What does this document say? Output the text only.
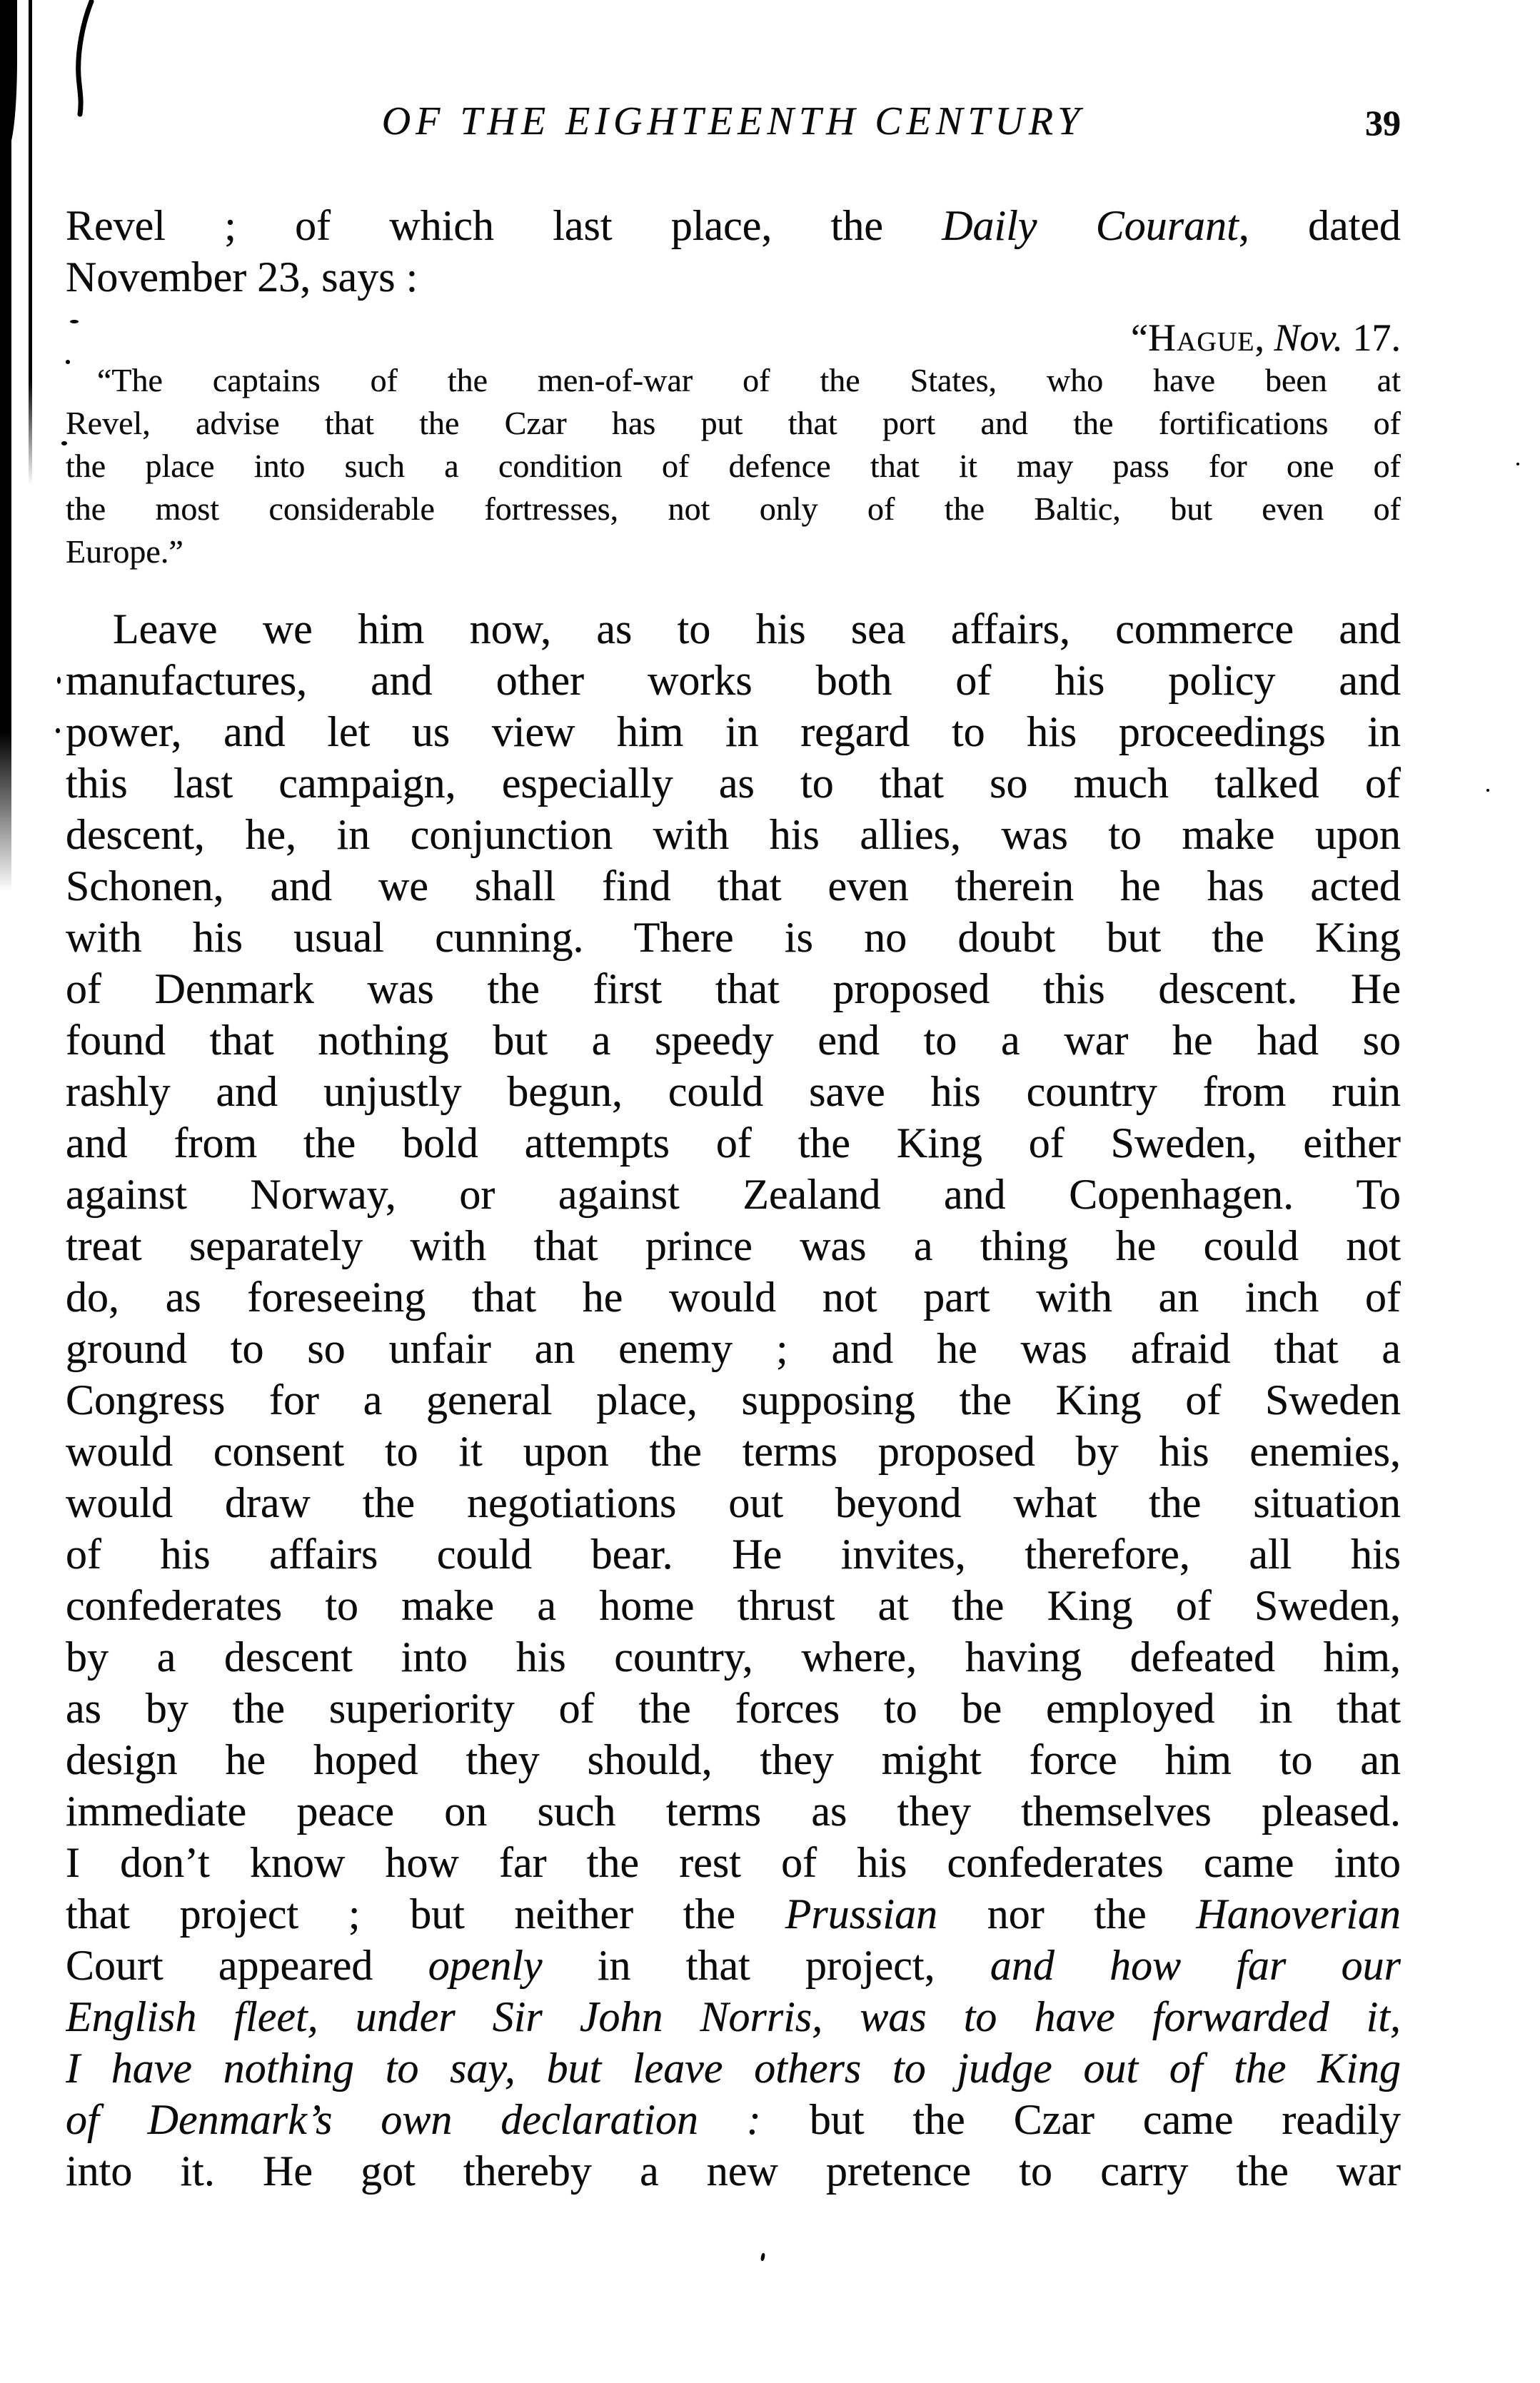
OF THE EIGHTEENTH CENTURY	39
Revel ; of which last place, the Daily Courant, dated
November 23, says :
“Hague, Nov. 17.
“The captains of the men-of-war of the States, who have been at
Revel, advise that the Czar has put that port and the fortifications of
the place into such a condition of defence that it may pass for one of
the most considerable fortresses, not only of the Baltic, but even of
Europe.”
Leave we him now, as to his sea affairs, commerce and
manufactures, and other works both of his policy and
power, and let us view him in regard to his proceedings in
this last campaign, especially as to that so much talked of
descent, he, in conjunction with his allies, was to make upon
Schonen, and we shall find that even therein he has acted
with his usual cunning. There is no doubt but the King
of Denmark was the first that proposed this descent. He
found that nothing but a speedy end to a war he had so
rashly and unjustly begun, could save his country from ruin
and from the bold attempts of the King of Sweden, either
against Norway, or against Zealand and Copenhagen. To
treat separately with that prince was a thing he could not
do, as foreseeing that he would not part with an inch of
ground to so unfair an enemy ; and he was afraid that a
Congress for a general place, supposing the King of Sweden
would consent to it upon the terms proposed by his enemies,
would draw the negotiations out beyond what the situation
of his affairs could bear. He invites, therefore, all his
confederates to make a home thrust at the King of Sweden,
by a descent into his country, where, having defeated him,
as by the superiority of the forces to be employed in that
design he hoped they should, they might force him to an
immediate peace on such terms as they themselves pleased.
I don’t know how far the rest of his confederates came into
that project ; but neither the Prussian nor the Hanoverian
Court appeared openly in that project, and how far our
English fleet, under Sir John Norris, was to have forwarded it,
I have nothing to say, but leave others to judge out of the King
of Denmark’s own declaration : but the Czar came readily
into it. He got thereby a new pretence to carry the war
